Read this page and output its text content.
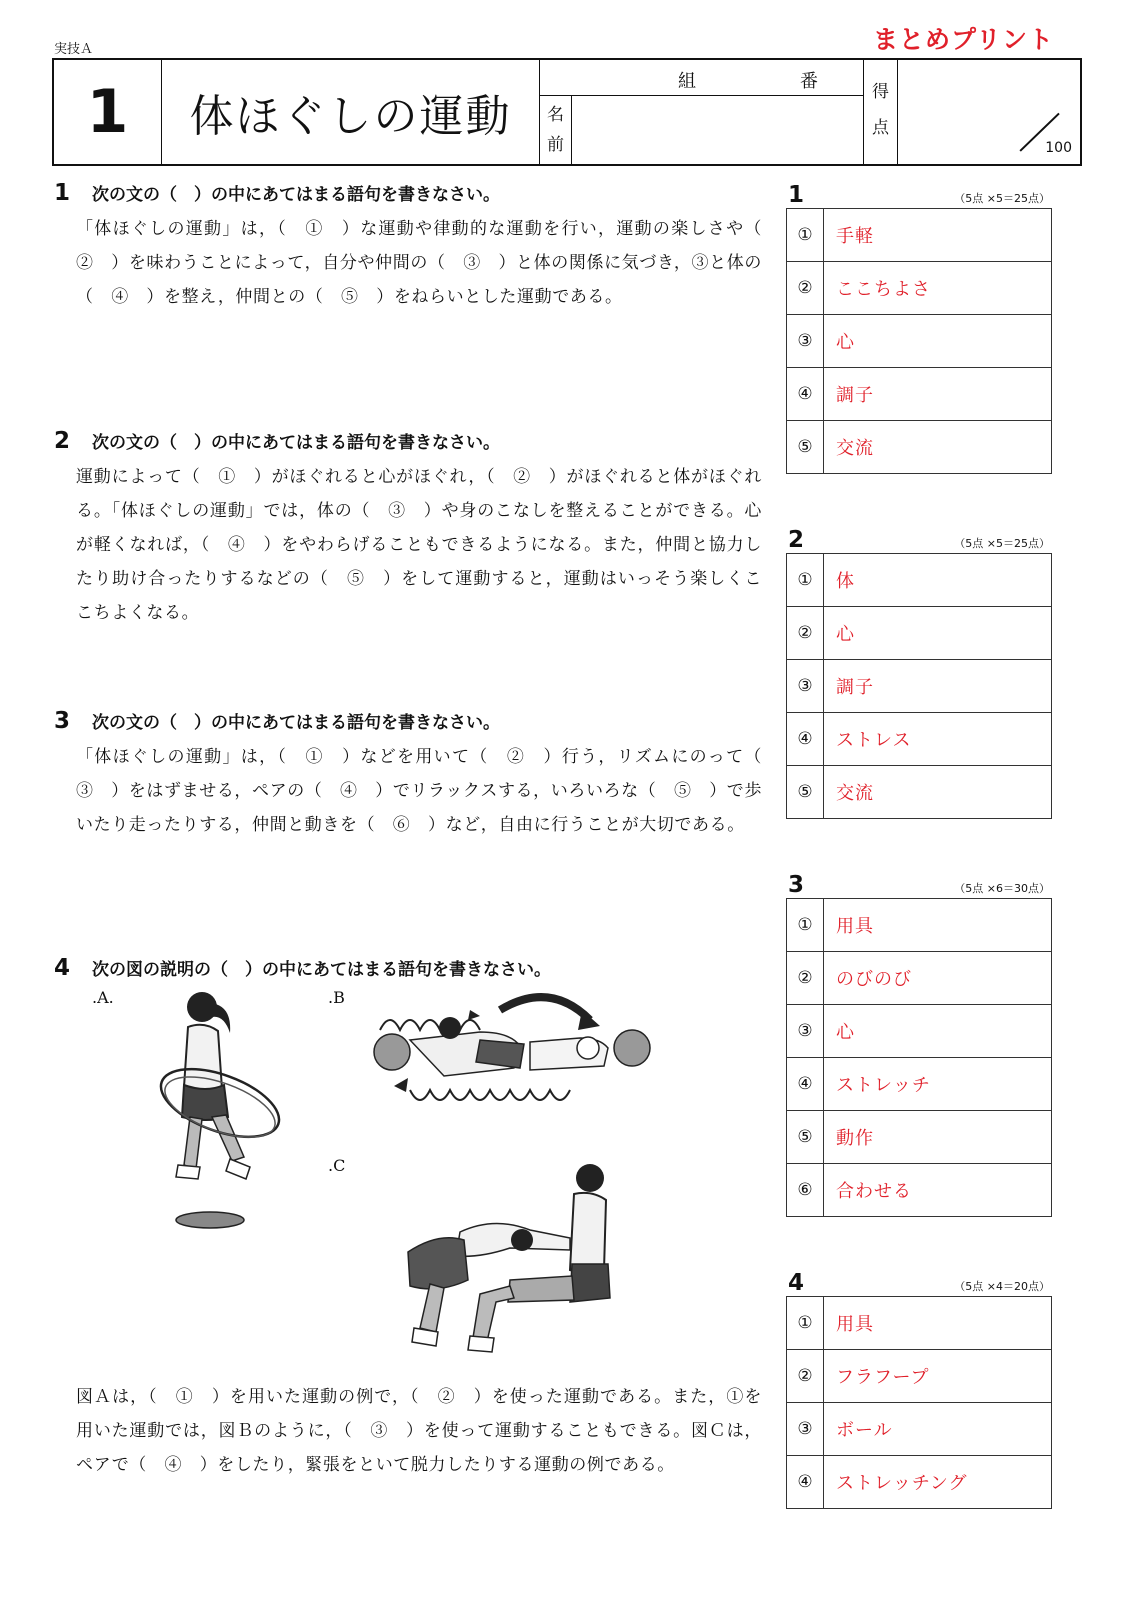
実技Ａ	まとめプリント
1	体ほぐしの運動
組	番
名
前
得
点
100
1	次の文の（　）の中にあてはまる語句を書きなさい。
「体ほぐしの運動」は，（　①　）な運動や律動的な運動を行い，運動の楽しさや（　②　）を味わうことによって，自分や仲間の（　③　）と体の関係に気づき，③と体の（　④　）を整え，仲間との（　⑤　）をねらいとした運動である。
2	次の文の（　）の中にあてはまる語句を書きなさい。
運動によって（　①　）がほぐれると心がほぐれ，（　②　）がほぐれると体がほぐれる。「体ほぐしの運動」では，体の（　③　）や身のこなしを整えることができる。心が軽くなれば，（　④　）をやわらげることもできるようになる。また，仲間と協力したり助け合ったりするなどの（　⑤　）をして運動すると，運動はいっそう楽しくここちよくなる。
3	次の文の（　）の中にあてはまる語句を書きなさい。
「体ほぐしの運動」は，（　①　）などを用いて（　②　）行う，リズムにのって（　③　）をはずませる，ペアの（　④　）でリラックスする，いろいろな（　⑤　）で歩いたり走ったりする，仲間と動きを（　⑥　）など，自由に行うことが大切である。
4	次の図の説明の（　）の中にあてはまる語句を書きなさい。
.A.	.B
.C
図Ａは，（　①　）を用いた運動の例で，（　②　）を使った運動である。また，①を用いた運動では，図Ｂのように，（　③　）を使って運動することもできる。図Ｃは，ペアで（　④　）をしたり，緊張をといて脱力したりする運動の例である。
1	（5点 ×5＝25点）
①	手軽
②	ここちよさ
③	心
④	調子
⑤	交流
2	（5点 ×5＝25点）
①	体
②	心
③	調子
④	ストレス
⑤	交流
3	（5点 ×6＝30点）
①	用具
②	のびのび
③	心
④	ストレッチ
⑤	動作
⑥	合わせる
4	（5点 ×4＝20点）
①	用具
②	フラフープ
③	ボール
④	ストレッチング
